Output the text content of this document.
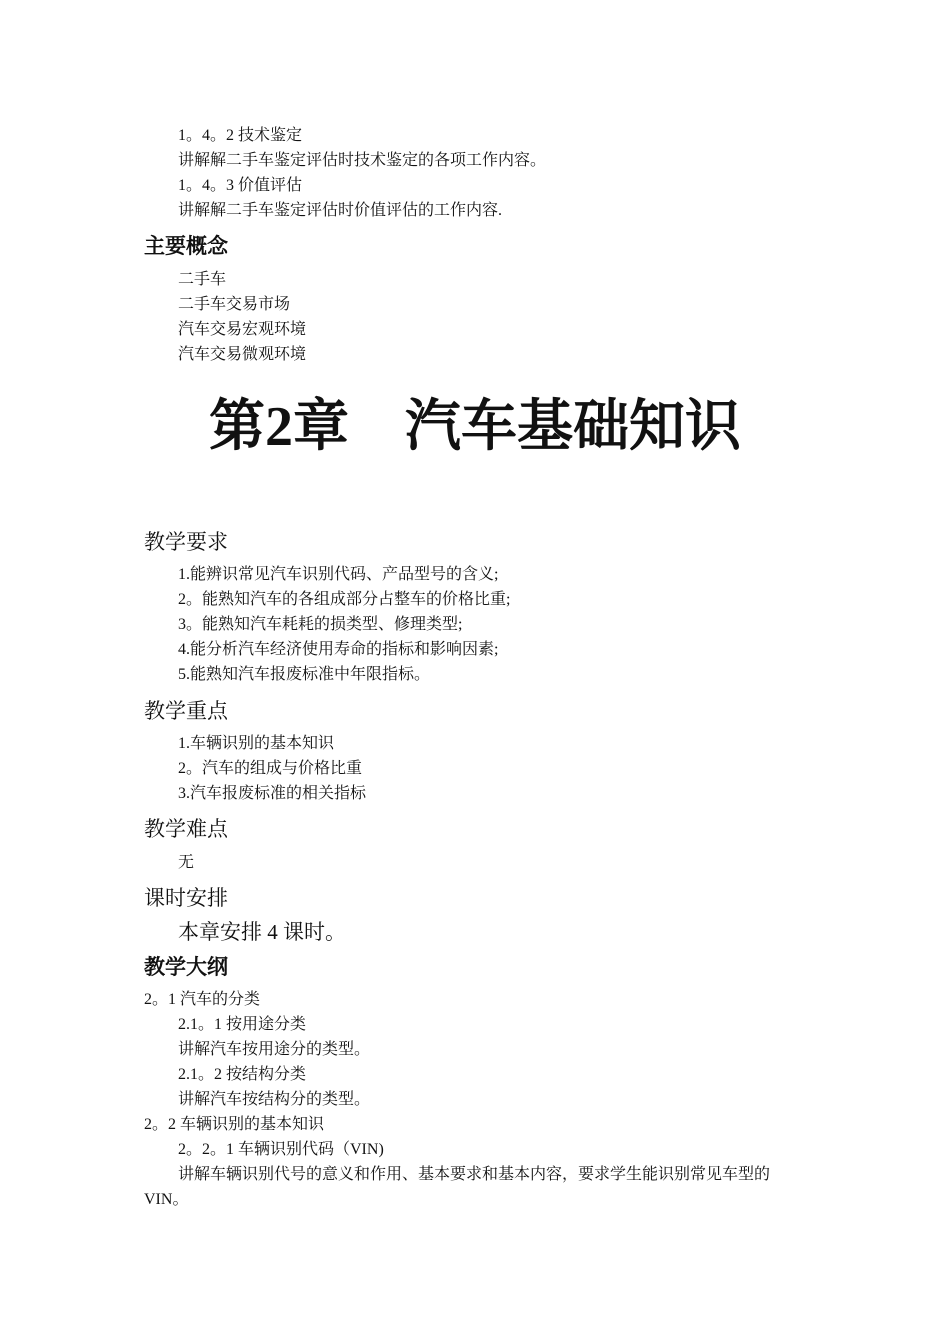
1。4。2 技术鉴定
讲解解二手车鉴定评估时技术鉴定的各项工作内容。
1。4。3 价值评估
讲解解二手车鉴定评估时价值评估的工作内容.
主要概念
二手车
二手车交易市场
汽车交易宏观环境
汽车交易微观环境
第2章 汽车基础知识
教学要求
1.能辨识常见汽车识别代码、产品型号的含义;
2。能熟知汽车的各组成部分占整车的价格比重;
3。能熟知汽车耗耗的损类型、修理类型;
4.能分析汽车经济使用寿命的指标和影响因素;
5.能熟知汽车报废标准中年限指标。
教学重点
1.车辆识别的基本知识
2。汽车的组成与价格比重
3.汽车报废标准的相关指标
教学难点
无
课时安排
本章安排 4 课时。
教学大纲
2。1 汽车的分类
2.1。1 按用途分类
讲解汽车按用途分的类型。
2.1。2 按结构分类
讲解汽车按结构分的类型。
2。2 车辆识别的基本知识
2。2。1 车辆识别代码（VIN)
讲解车辆识别代号的意义和作用、基本要求和基本内容，要求学生能识别常见车型的
VIN。
